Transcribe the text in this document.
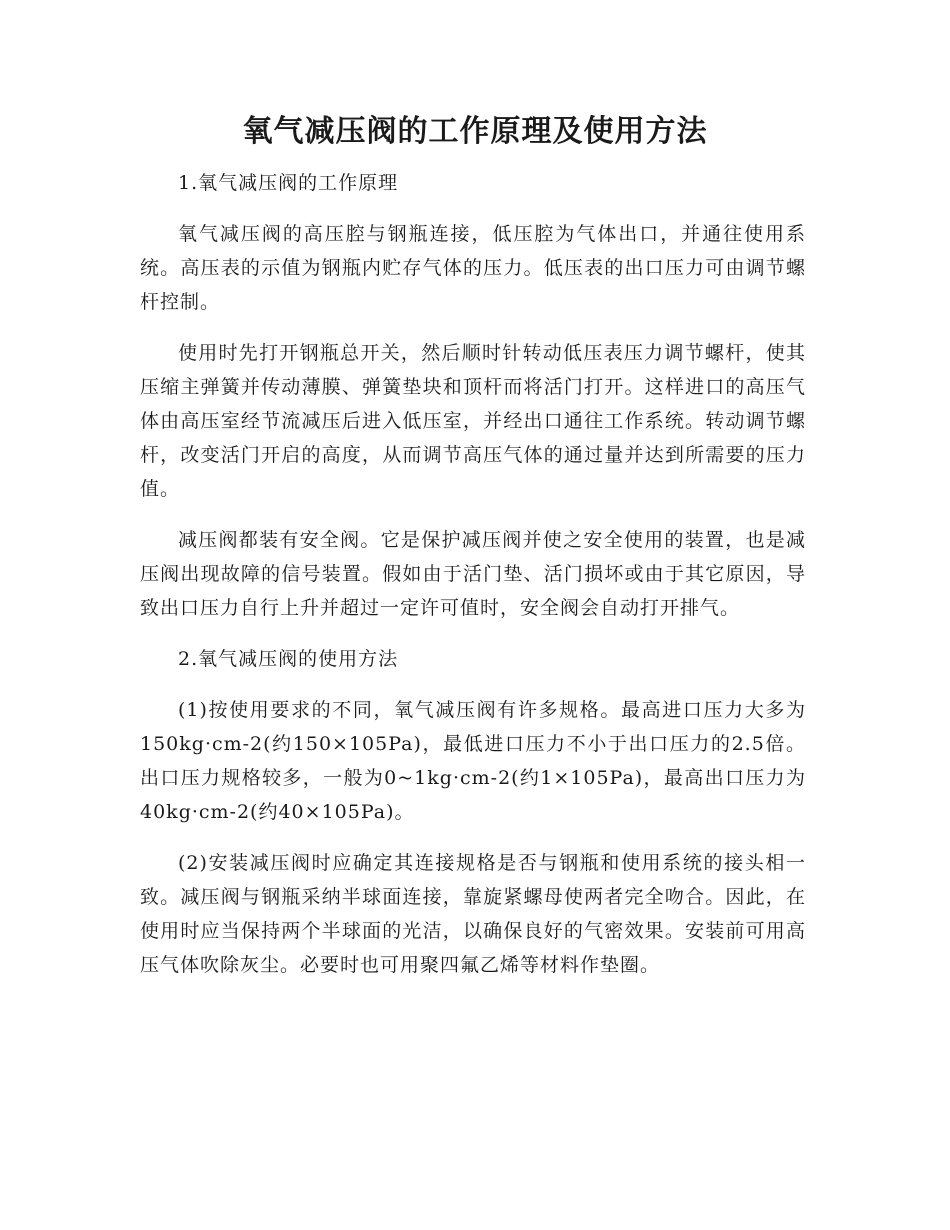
氧气减压阀的工作原理及使用方法

1.氧气减压阀的工作原理

氧气减压阀的高压腔与钢瓶连接，低压腔为气体出口，并通往使用系统。高压表的示值为钢瓶内贮存气体的压力。低压表的出口压力可由调节螺杆控制。

使用时先打开钢瓶总开关，然后顺时针转动低压表压力调节螺杆，使其压缩主弹簧并传动薄膜、弹簧垫块和顶杆而将活门打开。这样进口的高压气体由高压室经节流减压后进入低压室，并经出口通往工作系统。转动调节螺杆，改变活门开启的高度，从而调节高压气体的通过量并达到所需要的压力值。

减压阀都装有安全阀。它是保护减压阀并使之安全使用的装置，也是减压阀出现故障的信号装置。假如由于活门垫、活门损坏或由于其它原因，导致出口压力自行上升并超过一定许可值时，安全阀会自动打开排气。

2.氧气减压阀的使用方法

(1)按使用要求的不同，氧气减压阀有许多规格。最高进口压力大多为150kg·cm-2(约150×105Pa)，最低进口压力不小于出口压力的2.5倍。出口压力规格较多，一般为0~1kg·cm-2(约1×105Pa)，最高出口压力为40kg·cm-2(约40×105Pa)。

(2)安装减压阀时应确定其连接规格是否与钢瓶和使用系统的接头相一致。减压阀与钢瓶采纳半球面连接，靠旋紧螺母使两者完全吻合。因此，在使用时应当保持两个半球面的光洁，以确保良好的气密效果。安装前可用高压气体吹除灰尘。必要时也可用聚四氟乙烯等材料作垫圈。
